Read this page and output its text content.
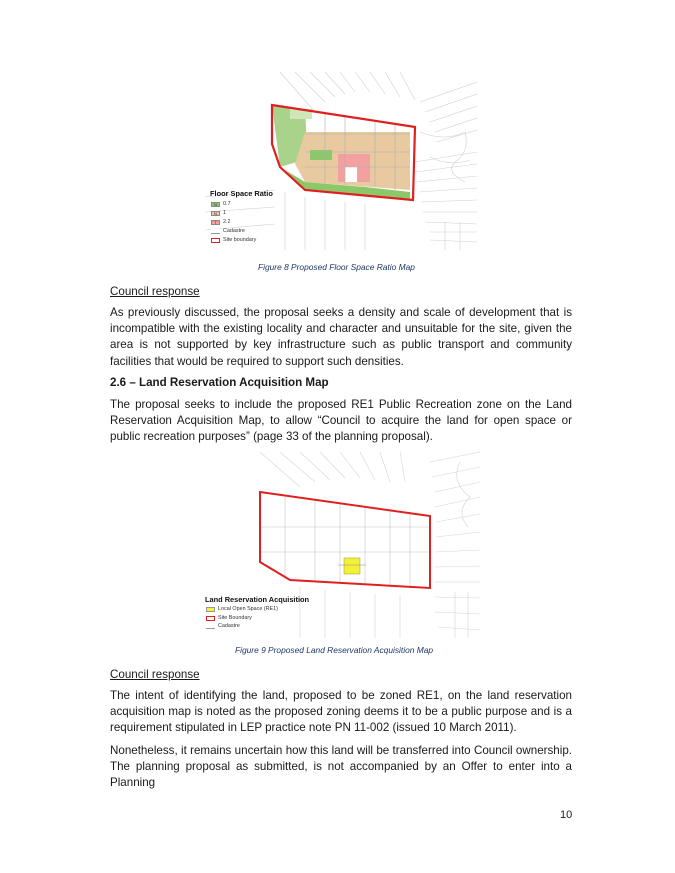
Floor Space Ratio
N	0.7
N	1
T	2.2
Cadastre
Site boundary
Figure 8 Proposed Floor Space Ratio Map
Council response
As previously discussed, the proposal seeks a density and scale of development that is incompatible with the existing locality and character and unsuitable for the site, given the area is not supported by key infrastructure such as public transport and community facilities that would be required to support such densities.
2.6 – Land Reservation Acquisition Map
The proposal seeks to include the proposed RE1 Public Recreation zone on the Land Reservation Acquisition Map, to allow “Council to acquire the land for open space or public recreation purposes” (page 33 of the planning proposal).
Land Reservation Acquisition
Local Open Space (RE1)
Site Boundary
Cadastre
Figure 9 Proposed Land Reservation Acquisition Map
Council response
The intent of identifying the land, proposed to be zoned RE1, on the land reservation acquisition map is noted as the proposed zoning deems it to be a public purpose and is a requirement stipulated in LEP practice note PN 11-002 (issued 10 March 2011).
Nonetheless, it remains uncertain how this land will be transferred into Council ownership. The planning proposal as submitted, is not accompanied by an Offer to enter into a Planning
10
